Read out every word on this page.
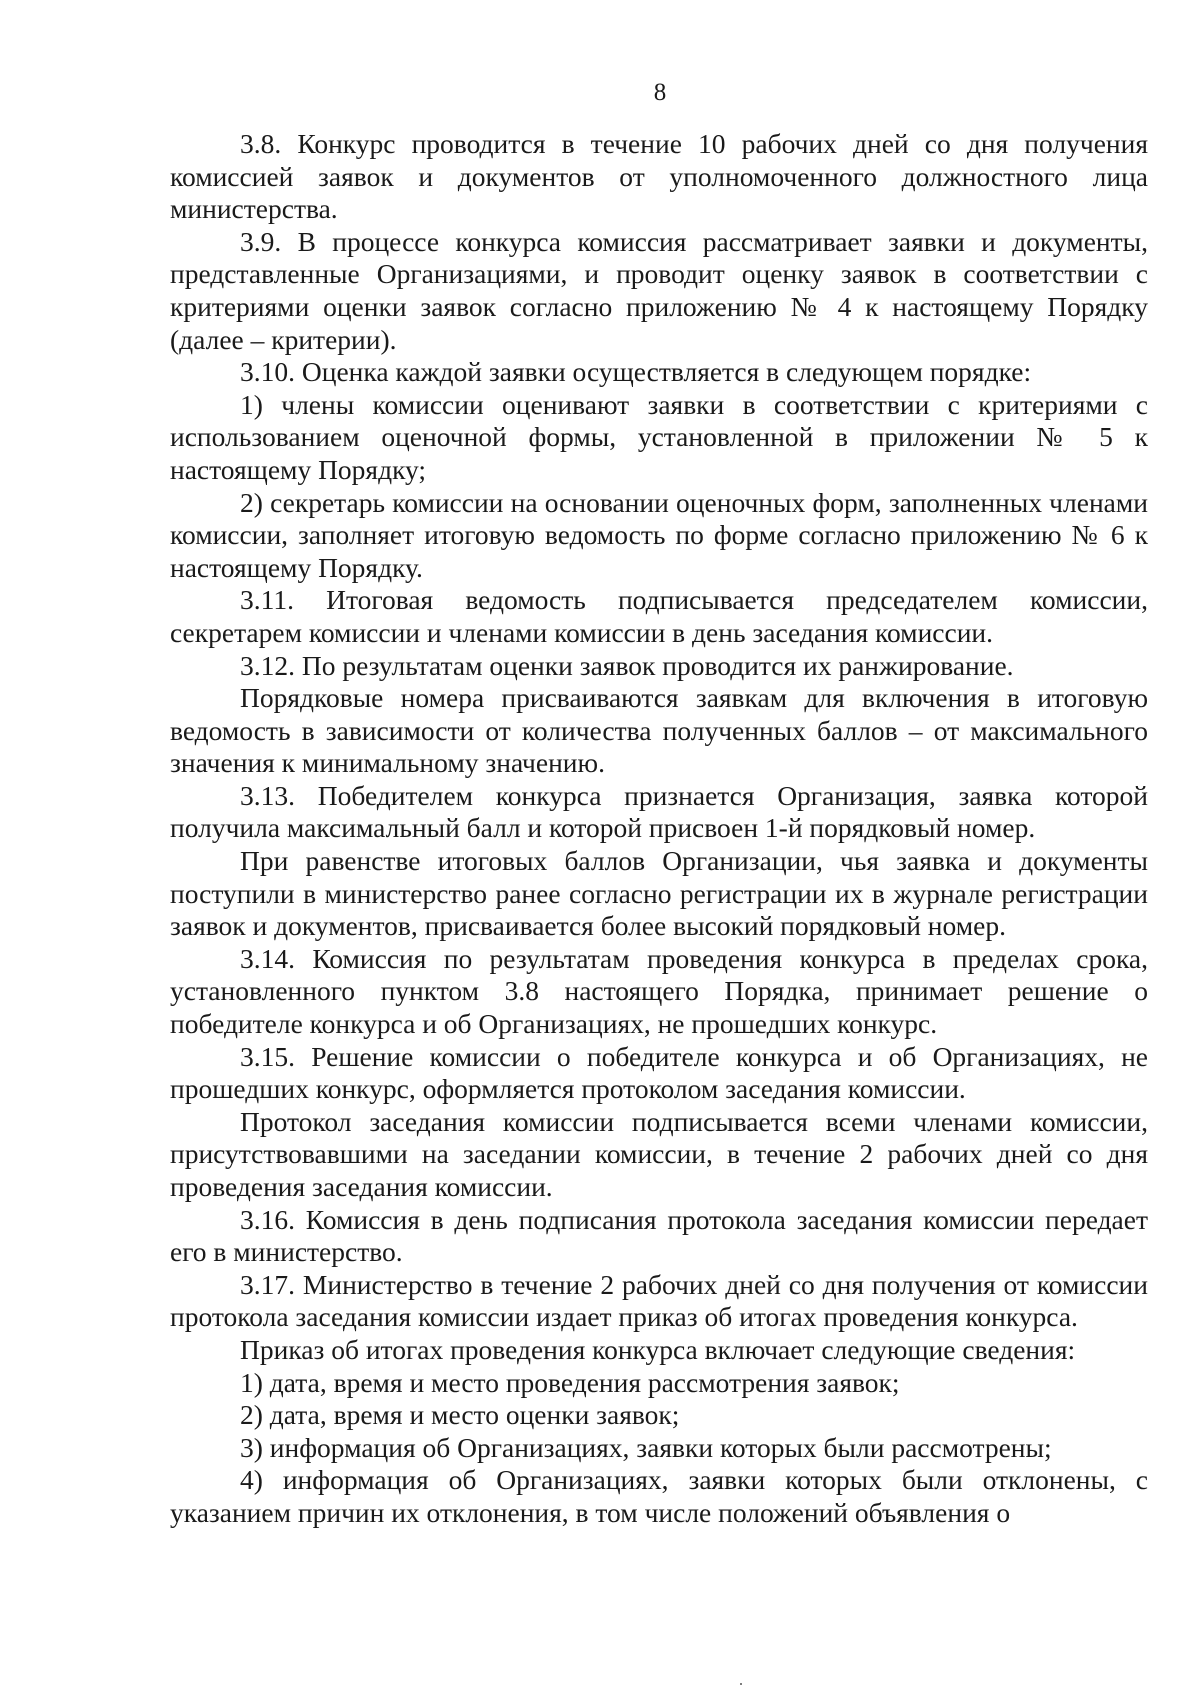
8

3.8. Конкурс проводится в течение 10 рабочих дней со дня получения комиссией заявок и документов от уполномоченного должностного лица министерства.

3.9. В процессе конкурса комиссия рассматривает заявки и документы, представленные Организациями, и проводит оценку заявок в соответствии с критериями оценки заявок согласно приложению № 4 к настоящему Порядку (далее – критерии).

3.10. Оценка каждой заявки осуществляется в следующем порядке:

1) члены комиссии оценивают заявки в соответствии с критериями с использованием оценочной формы, установленной в приложении № 5 к настоящему Порядку;

2) секретарь комиссии на основании оценочных форм, заполненных членами комиссии, заполняет итоговую ведомость по форме согласно приложению № 6 к настоящему Порядку.

3.11. Итоговая ведомость подписывается председателем комиссии, секретарем комиссии и членами комиссии в день заседания комиссии.

3.12. По результатам оценки заявок проводится их ранжирование.

Порядковые номера присваиваются заявкам для включения в итоговую ведомость в зависимости от количества полученных баллов – от максимального значения к минимальному значению.

3.13. Победителем конкурса признается Организация, заявка которой получила максимальный балл и которой присвоен 1-й порядковый номер.

При равенстве итоговых баллов Организации, чья заявка и документы поступили в министерство ранее согласно регистрации их в журнале регистрации заявок и документов, присваивается более высокий порядковый номер.

3.14. Комиссия по результатам проведения конкурса в пределах срока, установленного пунктом 3.8 настоящего Порядка, принимает решение о победителе конкурса и об Организациях, не прошедших конкурс.

3.15. Решение комиссии о победителе конкурса и об Организациях, не прошедших конкурс, оформляется протоколом заседания комиссии.

Протокол заседания комиссии подписывается всеми членами комиссии, присутствовавшими на заседании комиссии, в течение 2 рабочих дней со дня проведения заседания комиссии.

3.16. Комиссия в день подписания протокола заседания комиссии передает его в министерство.

3.17. Министерство в течение 2 рабочих дней со дня получения от комиссии протокола заседания комиссии издает приказ об итогах проведения конкурса.

Приказ об итогах проведения конкурса включает следующие сведения:

1) дата, время и место проведения рассмотрения заявок;

2) дата, время и место оценки заявок;

3) информация об Организациях, заявки которых были рассмотрены;

4) информация об Организациях, заявки которых были отклонены, с указанием причин их отклонения, в том числе положений объявления о
